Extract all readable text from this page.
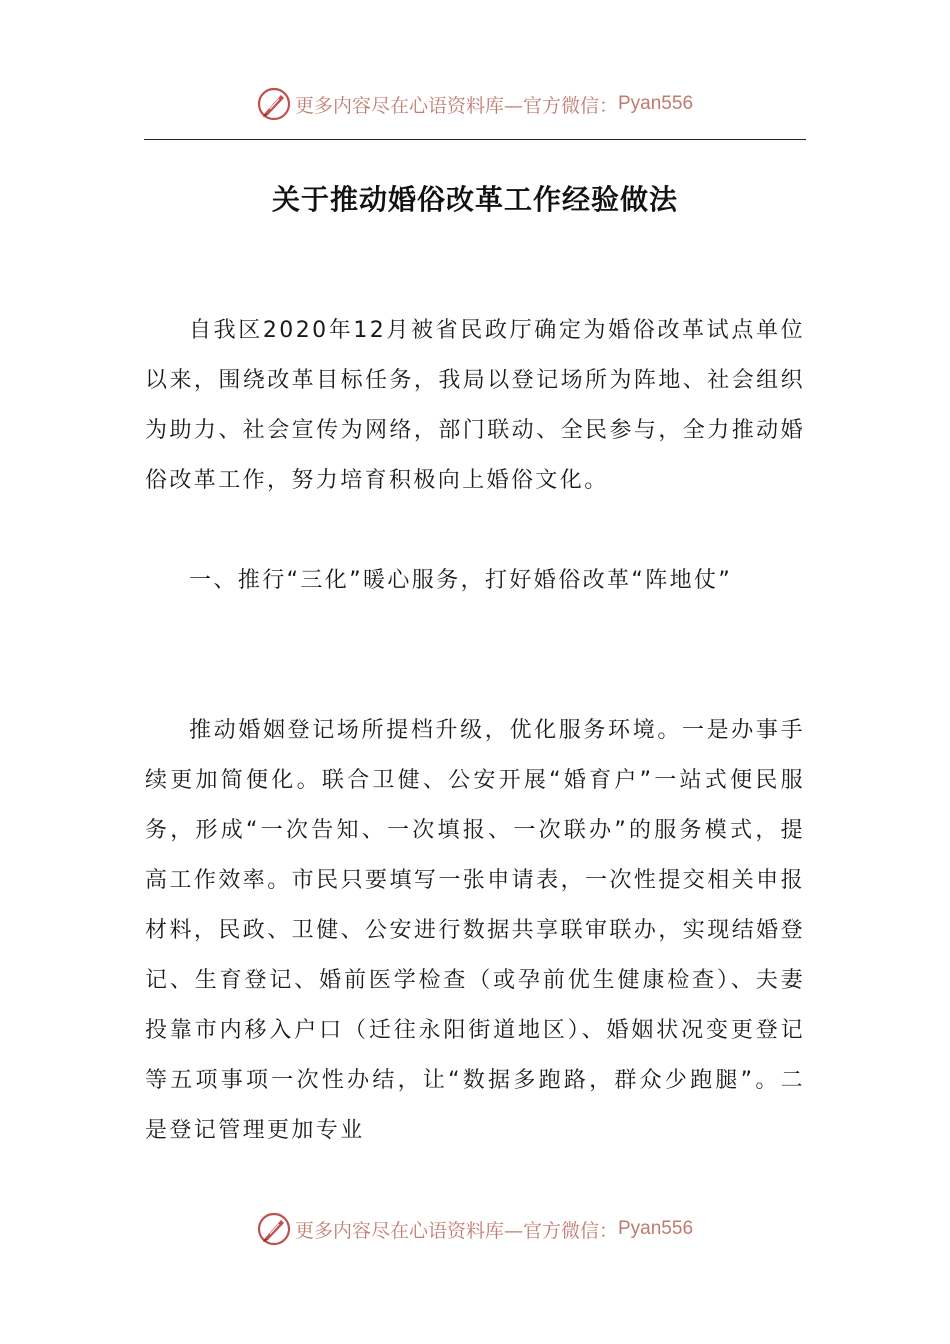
更多内容尽在心语资料库—官方微信： Pyan556
关于推动婚俗改革工作经验做法

自我区2020年12月被省民政厅确定为婚俗改革试点单位以来，围绕改革目标任务，我局以登记场所为阵地、社会组织为助力、社会宣传为网络，部门联动、全民参与，全力推动婚俗改革工作，努力培育积极向上婚俗文化。

一、推行“三化”暖心服务，打好婚俗改革“阵地仗”

推动婚姻登记场所提档升级，优化服务环境。一是办事手续更加简便化。联合卫健、公安开展“婚育户”一站式便民服务，形成“一次告知、一次填报、一次联办”的服务模式，提高工作效率。市民只要填写一张申请表，一次性提交相关申报材料，民政、卫健、公安进行数据共享联审联办，实现结婚登记、生育登记、婚前医学检查（或孕前优生健康检查）、夫妻投靠市内移入户口（迁往永阳街道地区）、婚姻状况变更登记等五项事项一次性办结，让“数据多跑路，群众少跑腿”。二是登记管理更加专业

更多内容尽在心语资料库—官方微信： Pyan556
